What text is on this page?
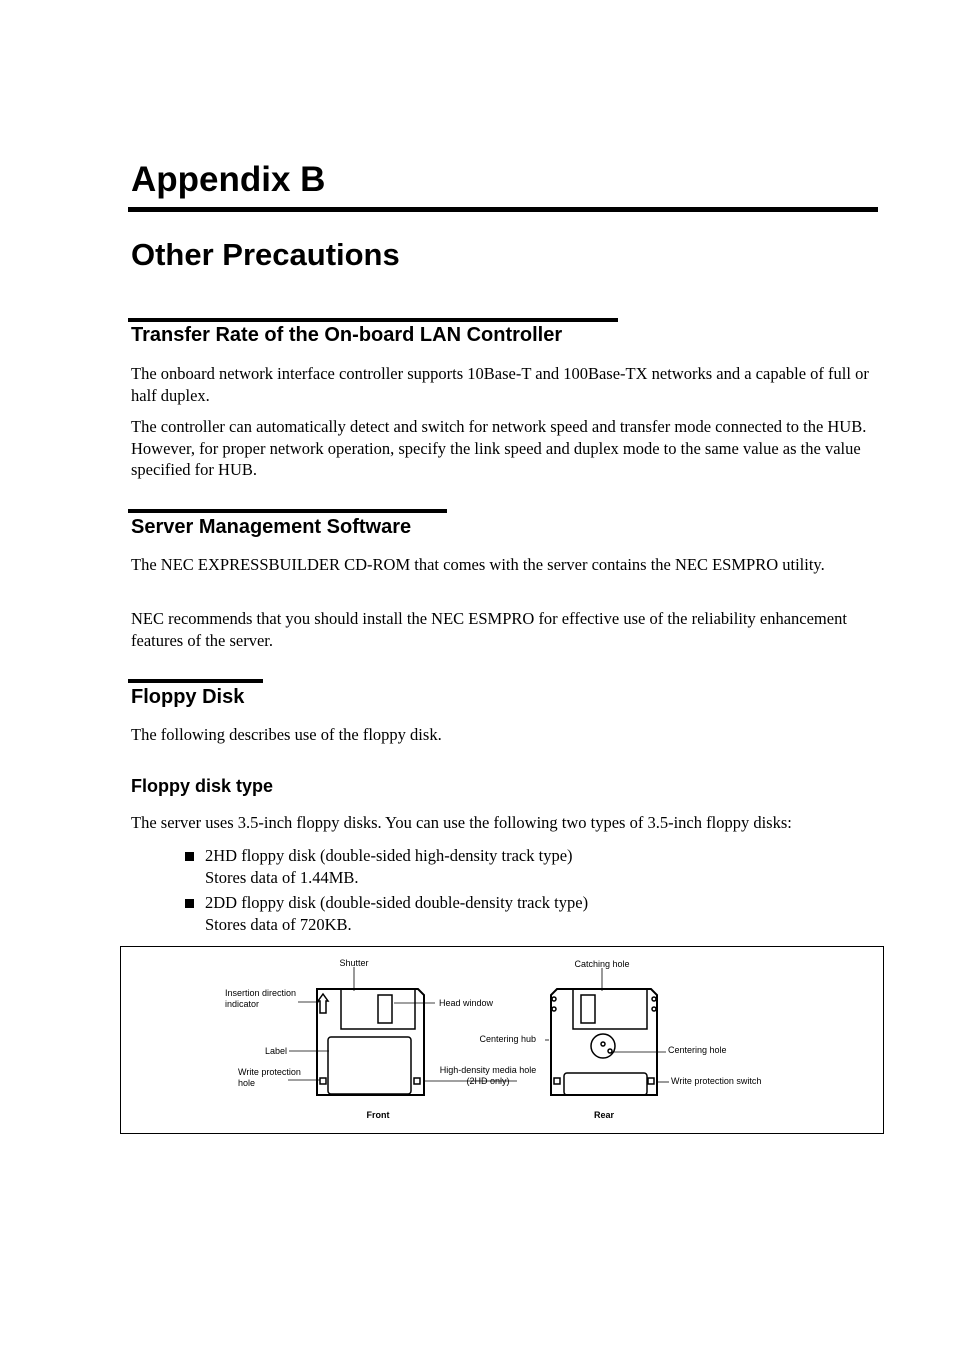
Appendix B
Other Precautions
Transfer Rate of the On-board LAN Controller

The onboard network interface controller supports 10Base-T and 100Base-TX networks and a capable of full or half duplex.

The controller can automatically detect and switch for network speed and transfer mode connected to the HUB. However, for proper network operation, specify the link speed and duplex mode to the same value as the value specified for HUB.

Server Management Software

The NEC EXPRESSBUILDER CD-ROM that comes with the server contains the NEC ESMPRO utility.

NEC recommends that you should install the NEC ESMPRO for effective use of the reliability enhancement features of the server.

Floppy Disk

The following describes use of the floppy disk.

Floppy disk type

The server uses 3.5-inch floppy disks. You can use the following two types of 3.5-inch floppy disks:

2HD floppy disk (double-sided high-density track type)
Stores data of 1.44MB.
2DD floppy disk (double-sided double-density track type)
Stores data of 720KB.
Shutter
Insertion direction
indicator	Head window
Label
Write protection
hole
High-density media hole
(2HD only)
Front
Catching hole
Centering hub
Centering hole
Write protection switch
Rear
